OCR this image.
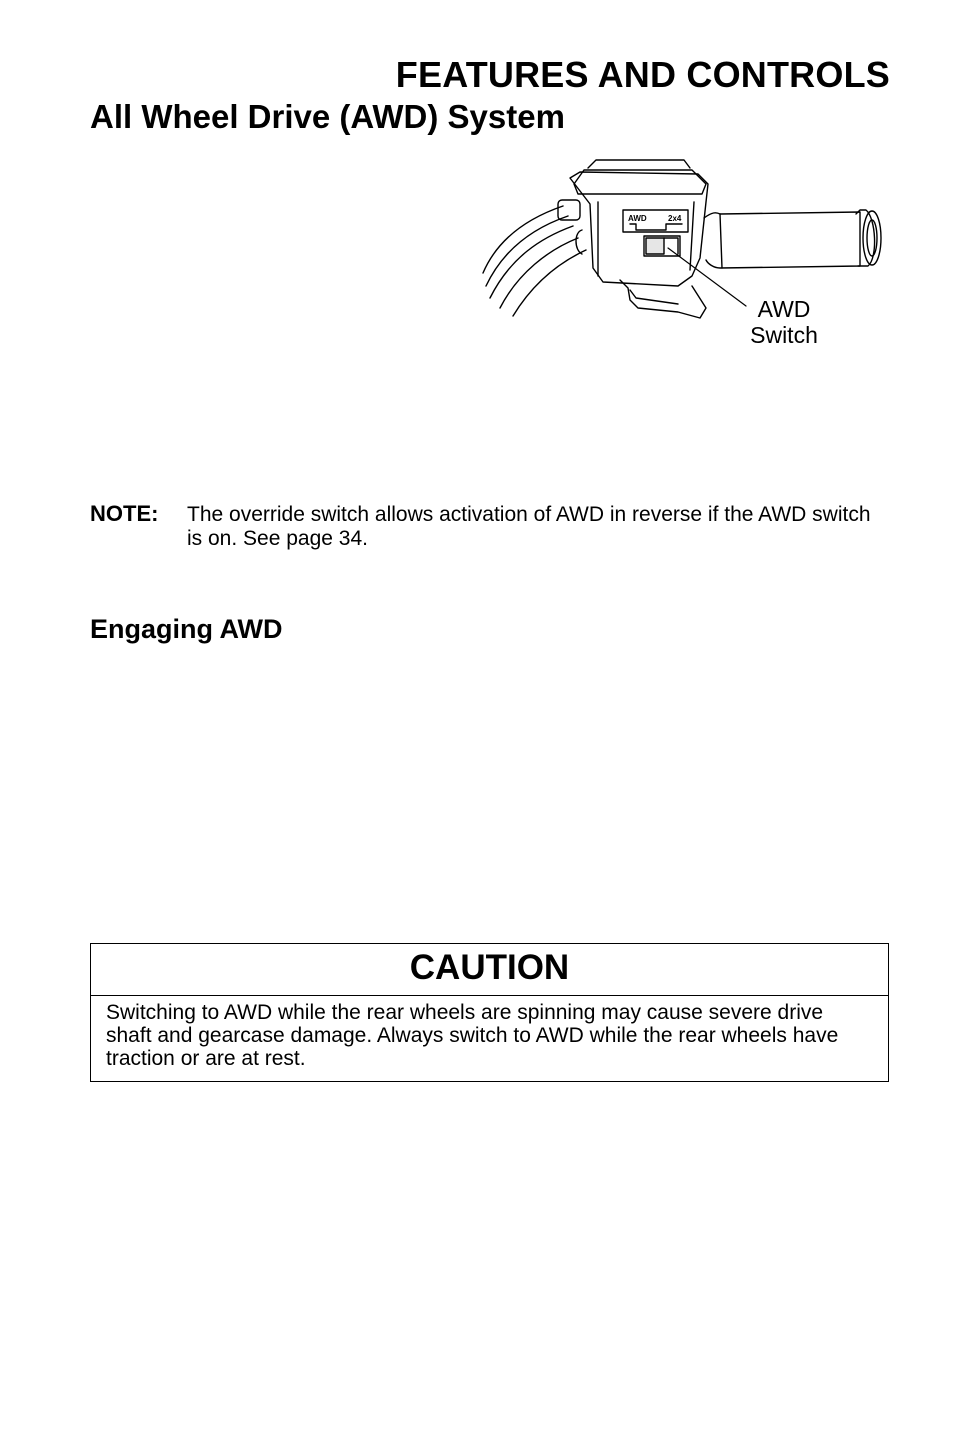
FEATURES AND CONTROLS
All Wheel Drive (AWD) System
AWD	2x4
AWD
Switch
NOTE: The override switch allows activation of AWD in reverse if the AWD switch is on. See page 34.
Engaging AWD
CAUTION
Switching to AWD while the rear wheels are spinning may cause severe drive shaft and gearcase damage. Always switch to AWD while the rear wheels have traction or are at rest.
